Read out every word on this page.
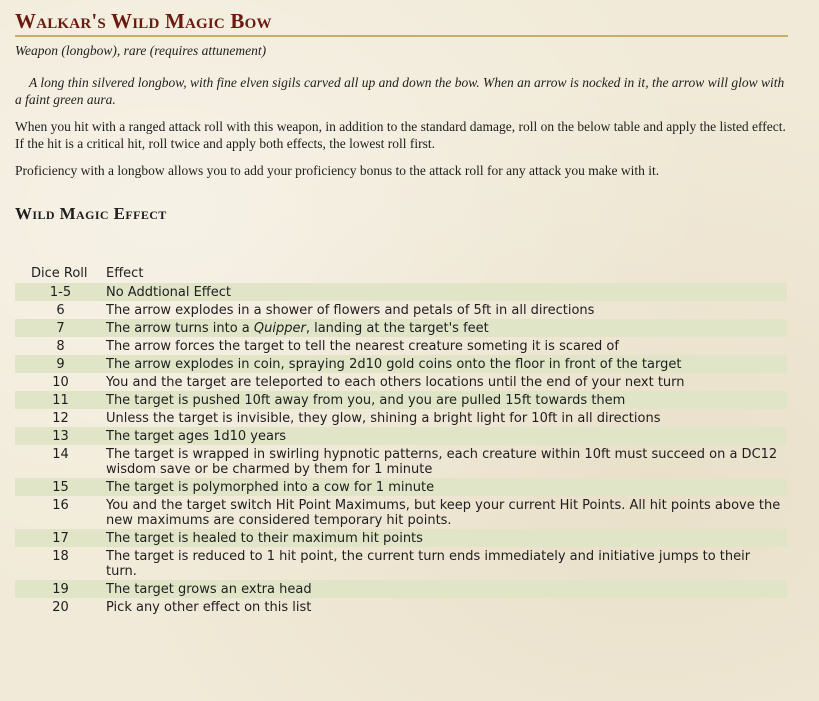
Walkar's Wild Magic Bow

Weapon (longbow), rare (requires attunement)

A long thin silvered longbow, with fine elven sigils carved all up and down the bow. When an arrow is nocked in it, the arrow will glow with a faint green aura.

When you hit with a ranged attack roll with this weapon, in addition to the standard damage, roll on the below table and apply the listed effect. If the hit is a critical hit, roll twice and apply both effects, the lowest roll first.

Proficiency with a longbow allows you to add your proficiency bonus to the attack roll for any attack you make with it.

Wild Magic Effect
Dice Roll	Effect
1-5	No Addtional Effect
6	The arrow explodes in a shower of flowers and petals of 5ft in all directions
7	The arrow turns into a Quipper, landing at the target's feet
8	The arrow forces the target to tell the nearest creature someting it is scared of
9	The arrow explodes in coin, spraying 2d10 gold coins onto the floor in front of the target
10	You and the target are teleported to each others locations until the end of your next turn
11	The target is pushed 10ft away from you, and you are pulled 15ft towards them
12	Unless the target is invisible, they glow, shining a bright light for 10ft in all directions
13	The target ages 1d10 years
14	The target is wrapped in swirling hypnotic patterns, each creature within 10ft must succeed on a DC12 wisdom save or be charmed by them for 1 minute
15	The target is polymorphed into a cow for 1 minute
16	You and the target switch Hit Point Maximums, but keep your current Hit Points. All hit points above the new maximums are considered temporary hit points.
17	The target is healed to their maximum hit points
18	The target is reduced to 1 hit point, the current turn ends immediately and initiative jumps to their turn.
19	The target grows an extra head
20	Pick any other effect on this list
